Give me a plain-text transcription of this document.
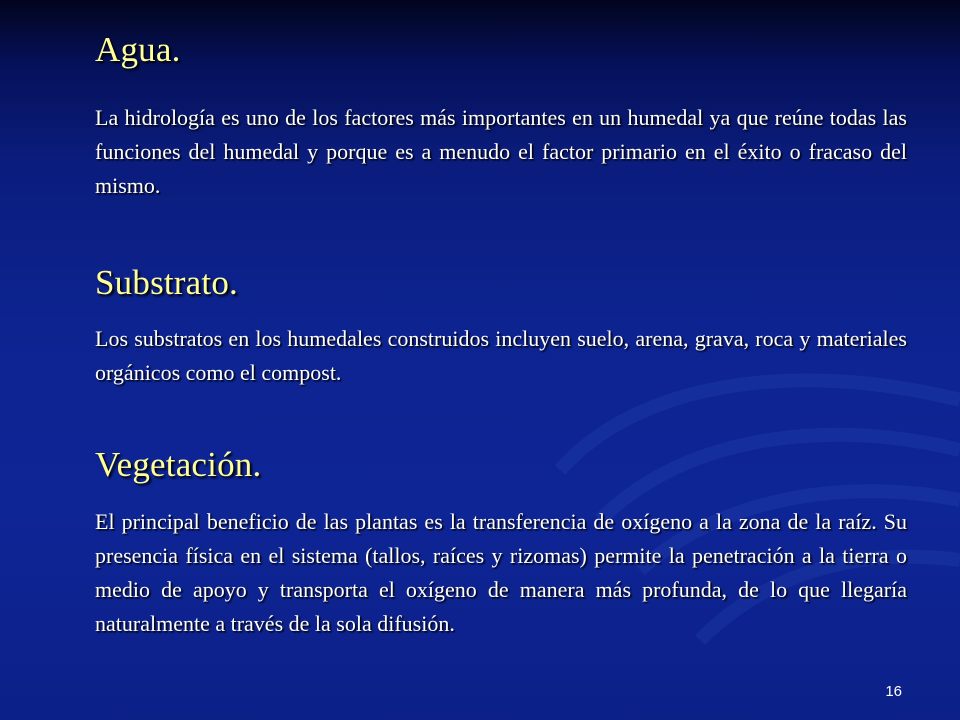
Agua.

La hidrología es uno de los factores más importantes en un humedal ya que reúne todas las funciones del humedal y porque es a menudo el factor primario en el éxito o fracaso del mismo.

Substrato.

Los substratos en los humedales construidos incluyen suelo, arena, grava, roca y materiales orgánicos como el compost.

Vegetación.

El principal beneficio de las plantas es la transferencia de oxígeno a la zona de la raíz. Su presencia física en el sistema (tallos, raíces y rizomas) permite la penetración a la tierra o medio de apoyo y transporta el oxígeno de manera más profunda, de lo que llegaría naturalmente a través de la sola difusión.

16
